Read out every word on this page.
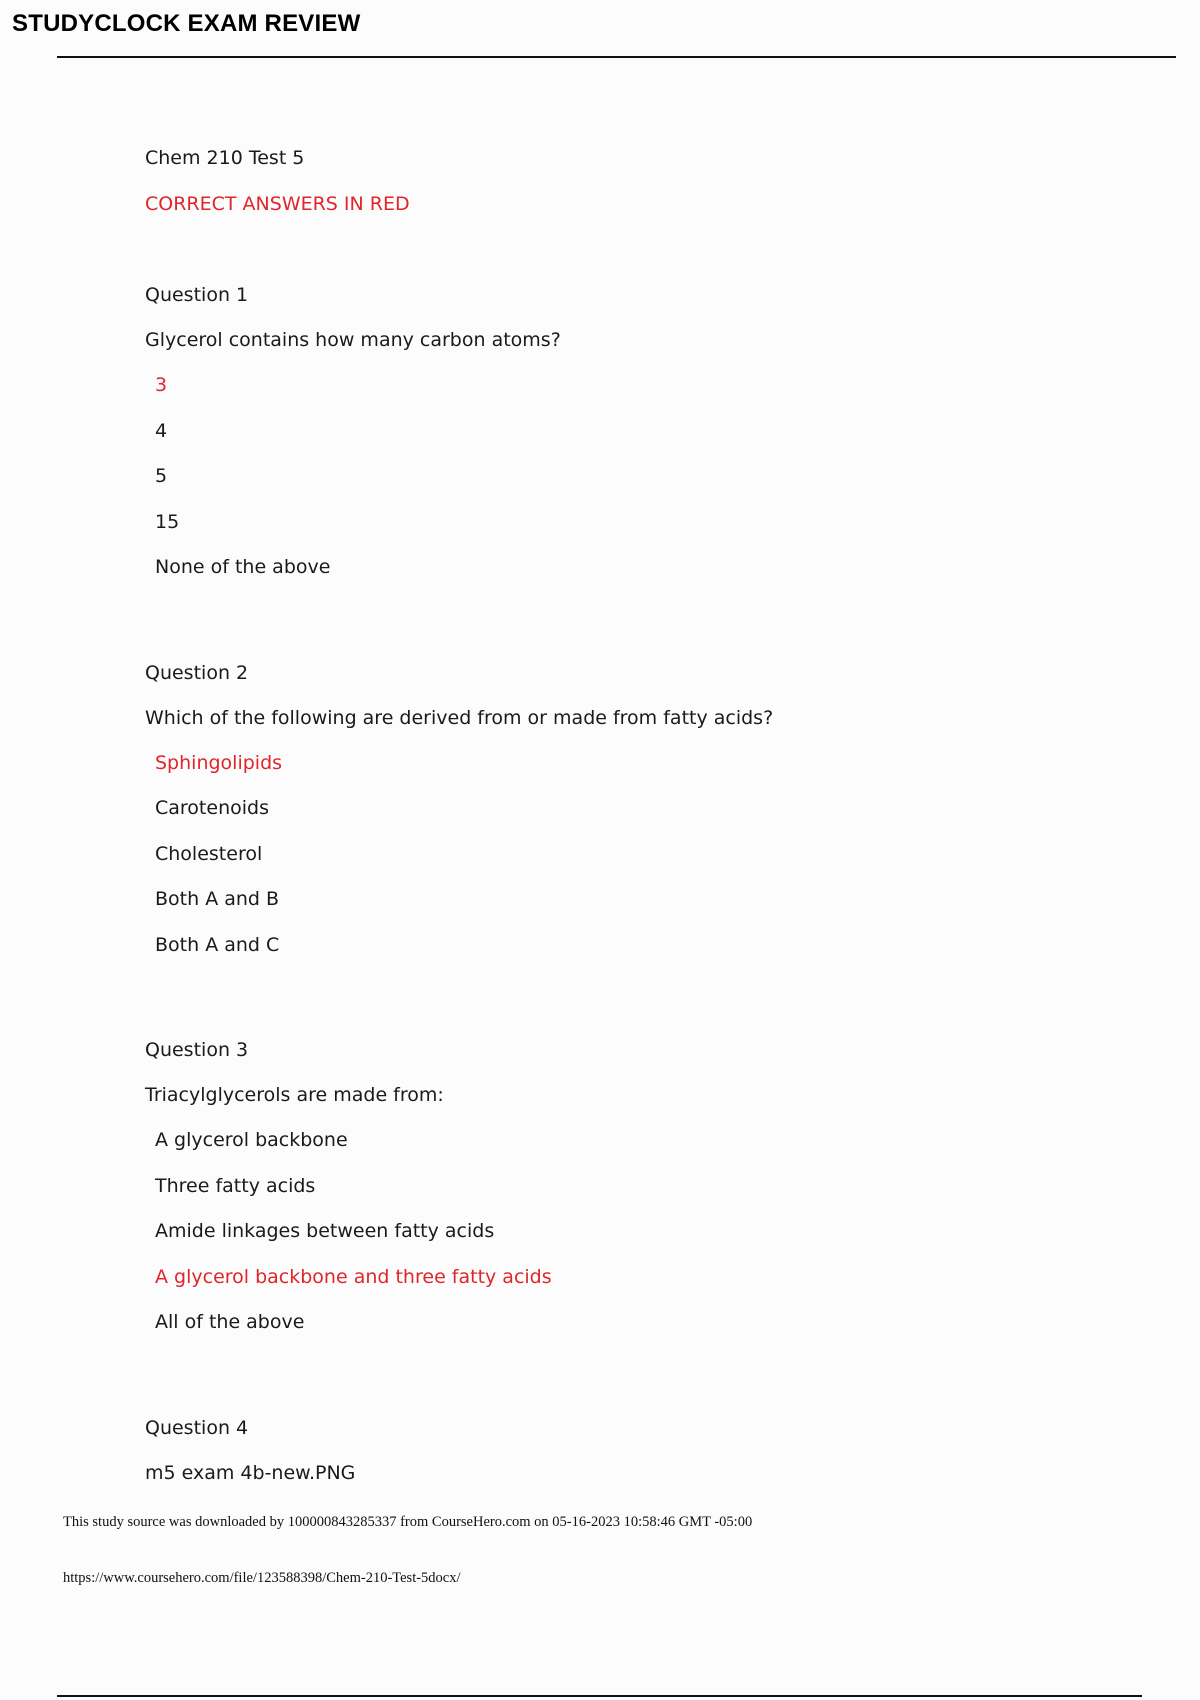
STUDYCLOCK EXAM REVIEW
Chem 210 Test 5
CORRECT ANSWERS IN RED
Question 1
Glycerol contains how many carbon atoms?
3
4
5
15
None of the above
Question 2
Which of the following are derived from or made from fatty acids?
Sphingolipids
Carotenoids
Cholesterol
Both A and B
Both A and C
Question 3
Triacylglycerols are made from:
A glycerol backbone
Three fatty acids
Amide linkages between fatty acids
A glycerol backbone and three fatty acids
All of the above
Question 4
m5 exam 4b-new.PNG
This study source was downloaded by 100000843285337 from CourseHero.com on 05-16-2023 10:58:46 GMT -05:00
https://www.coursehero.com/file/123588398/Chem-210-Test-5docx/
